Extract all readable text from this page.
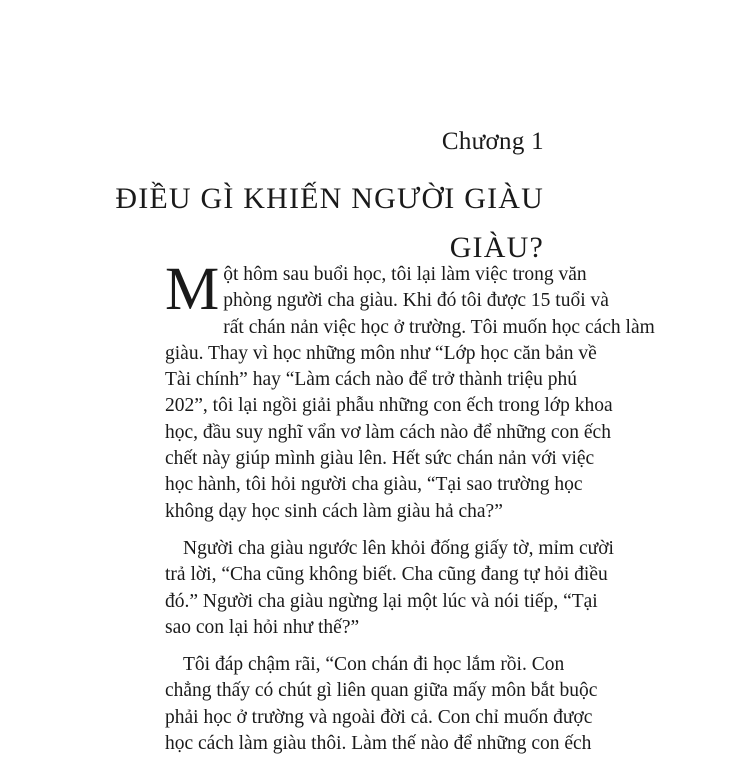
Chương 1
ĐIỀU GÌ KHIẾN NGƯỜI GIÀU
GIÀU?
M ột hôm sau buổi học, tôi lại làm việc trong văn
phòng người cha giàu. Khi đó tôi được 15 tuổi và
rất chán nản việc học ở trường. Tôi muốn học cách làm
giàu. Thay vì học những môn như “Lớp học căn bản về
Tài chính” hay “Làm cách nào để trở thành triệu phú
202”, tôi lại ngồi giải phẫu những con ếch trong lớp khoa
học, đầu suy nghĩ vẩn vơ làm cách nào để những con ếch
chết này giúp mình giàu lên. Hết sức chán nản với việc
học hành, tôi hỏi người cha giàu, “Tại sao trường học
không dạy học sinh cách làm giàu hả cha?”
Người cha giàu ngước lên khỏi đống giấy tờ, mỉm cười
trả lời, “Cha cũng không biết. Cha cũng đang tự hỏi điều
đó.” Người cha giàu ngừng lại một lúc và nói tiếp, “Tại
sao con lại hỏi như thế?”
Tôi đáp chậm rãi, “Con chán đi học lắm rồi. Con
chẳng thấy có chút gì liên quan giữa mấy môn bắt buộc
phải học ở trường và ngoài đời cả. Con chỉ muốn được
học cách làm giàu thôi. Làm thế nào để những con ếch
